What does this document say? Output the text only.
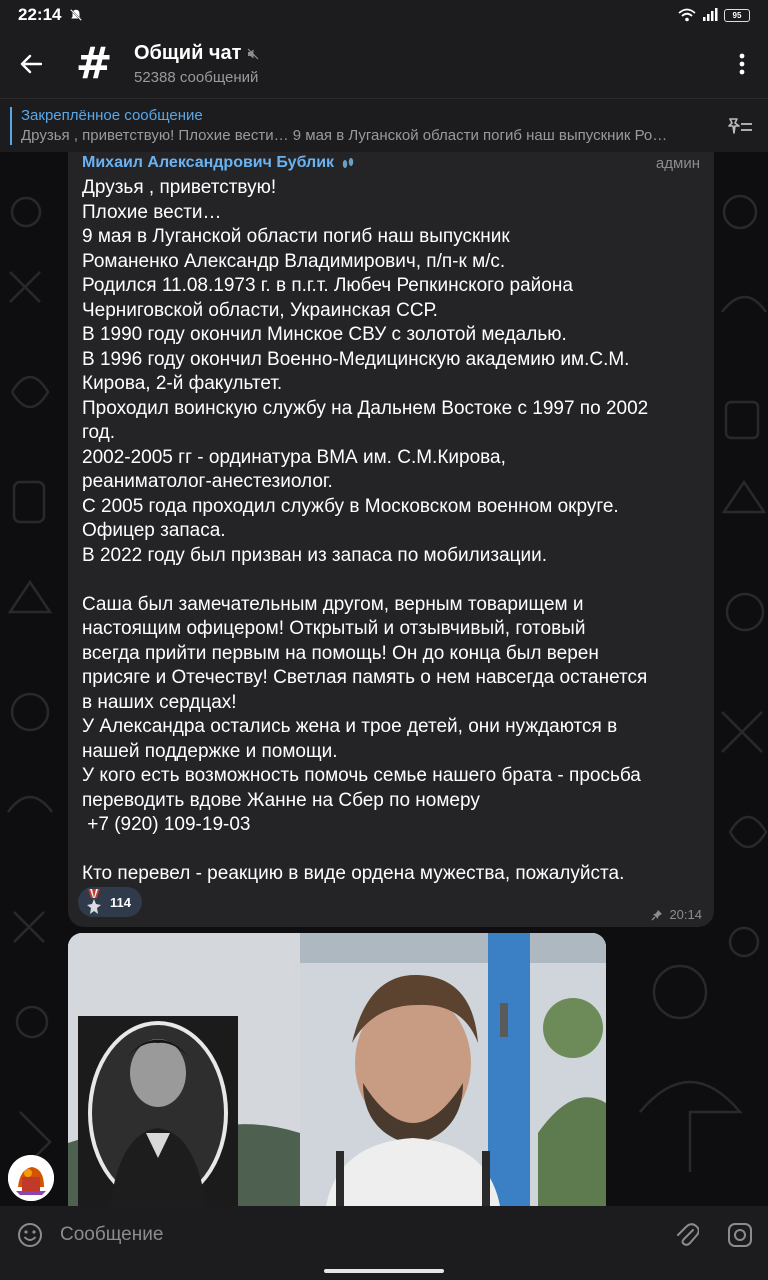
22:14	95
# Общий чат
52388 сообщений
Закреплённое сообщение
Друзья , приветствую! Плохие вести… 9 мая в Луганской области погиб наш выпускник Ро…
Михаил Александрович Бублик	админ
Друзья , приветствую!
Плохие вести…
9 мая в Луганской области погиб наш выпускник
Романенко Александр Владимирович, п/п-к м/с.
Родился 11.08.1973 г. в п.г.т. Любеч Репкинского района
Черниговской области, Украинская ССР.
В 1990 году окончил Минское СВУ с золотой медалью.
В 1996 году окончил Военно-Медицинскую академию им.С.М.
Кирова, 2-й факультет.
Проходил воинскую службу на Дальнем Востоке с 1997 по 2002
год.
2002-2005 гг - ординатура ВМА им. С.М.Кирова,
реаниматолог-анестезиолог.
С 2005 года проходил службу в Московском военном округе.
Офицер запаса.
В 2022 году был призван из запаса по мобилизации.

Саша был замечательным другом, верным товарищем и
настоящим офицером! Открытый и отзывчивый, готовый
всегда прийти первым на помощь! Он до конца был верен
присяге и Отечеству! Светлая память о нем навсегда останется
в наших сердцах!
У Александра остались жена и трое детей, они нуждаются в
нашей поддержке и помощи.
У кого есть возможность помочь семье нашего брата - просьба
переводить вдове Жанне на Сбер по номеру
+7 (920) 109-19-03

Кто перевел - реакцию в виде ордена мужества, пожалуйста.
114
20:14
Сообщение
